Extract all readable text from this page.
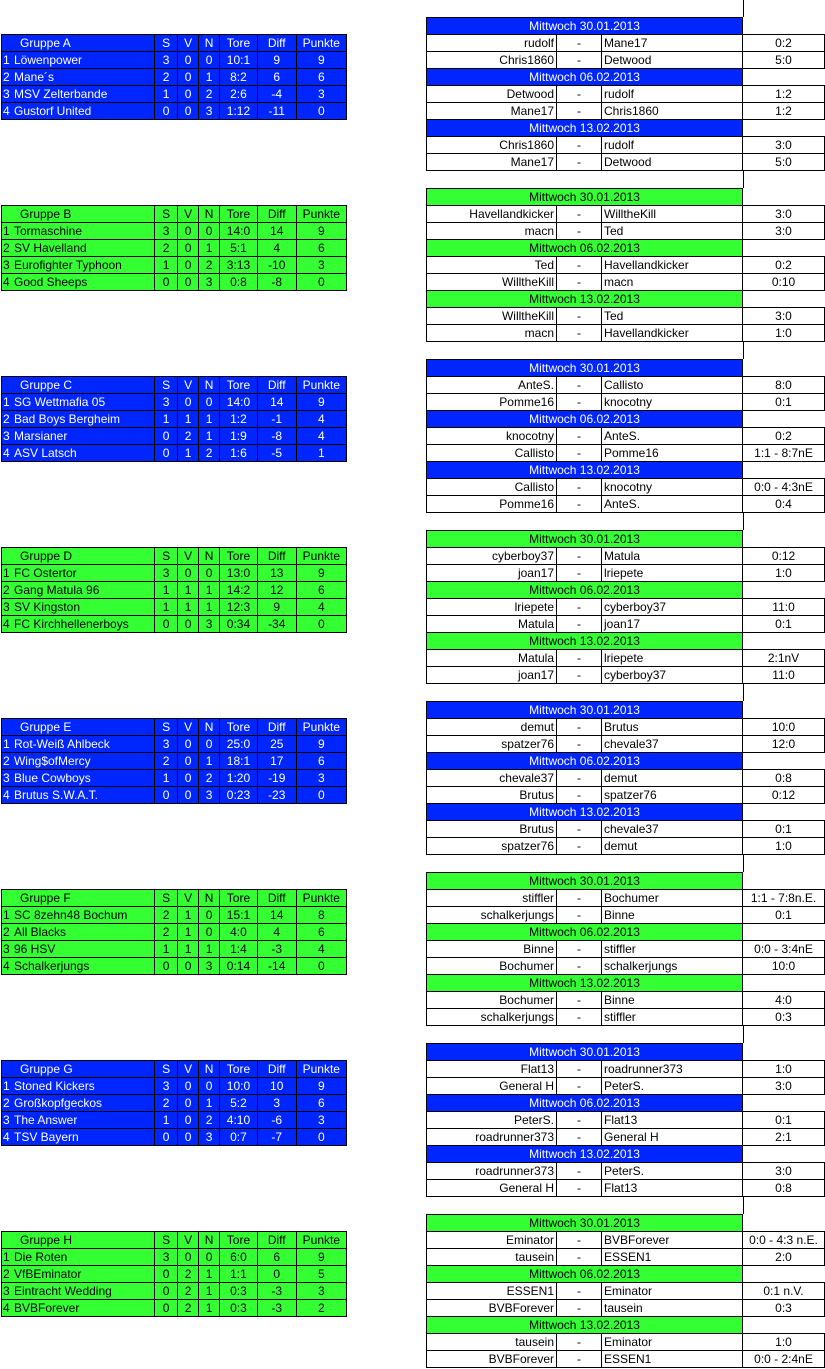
Gruppe A		S	V	N	Tore	Diff	Punkte
1	Löwenpower	3	0	0	10:1	9	9
2	Mane´s	2	0	1	8:2	6	6
3	MSV Zelterbande	1	0	2	2:6	-4	3
4	Gustorf United	0	0	3	1:12	-11	0
Mittwoch 30.01.2013			
rudolf	-	Mane17	0:2
Chris1860	-	Detwood	5:0
Mittwoch 06.02.2013			
Detwood	-	rudolf	1:2
Mane17	-	Chris1860	1:2
Mittwoch 13.02.2013			
Chris1860	-	rudolf	3:0
Mane17	-	Detwood	5:0
Gruppe B		S	V	N	Tore	Diff	Punkte
1	Tormaschine	3	0	0	14:0	14	9
2	SV Havelland	2	0	1	5:1	4	6
3	Eurofighter Typhoon	1	0	2	3:13	-10	3
4	Good Sheeps	0	0	3	0:8	-8	0
Mittwoch 30.01.2013			
Havellandkicker	-	WilltheKill	3:0
macn	-	Ted	3:0
Mittwoch 06.02.2013			
Ted	-	Havellandkicker	0:2
WilltheKill	-	macn	0:10
Mittwoch 13.02.2013			
WilltheKill	-	Ted	3:0
macn	-	Havellandkicker	1:0
Gruppe C		S	V	N	Tore	Diff	Punkte
1	SG Wettmafia 05	3	0	0	14:0	14	9
2	Bad Boys Bergheim	1	1	1	1:2	-1	4
3	Marsianer	0	2	1	1:9	-8	4
4	ASV Latsch	0	1	2	1:6	-5	1
Mittwoch 30.01.2013			
AnteS.	-	Callisto	8:0
Pomme16	-	knocotny	0:1
Mittwoch 06.02.2013			
knocotny	-	AnteS.	0:2
Callisto	-	Pomme16	1:1 - 8:7nE
Mittwoch 13.02.2013			
Callisto	-	knocotny	0:0 - 4:3nE
Pomme16	-	AnteS.	0:4
Gruppe D		S	V	N	Tore	Diff	Punkte
1	FC Ostertor	3	0	0	13:0	13	9
2	Gang Matula 96	1	1	1	14:2	12	6
3	SV Kingston	1	1	1	12:3	9	4
4	FC Kirchhellenerboys	0	0	3	0:34	-34	0
Mittwoch 30.01.2013			
cyberboy37	-	Matula	0:12
joan17	-	lriepete	1:0
Mittwoch 06.02.2013			
lriepete	-	cyberboy37	11:0
Matula	-	joan17	0:1
Mittwoch 13.02.2013			
Matula	-	lriepete	2:1nV
joan17	-	cyberboy37	11:0
Gruppe E		S	V	N	Tore	Diff	Punkte
1	Rot-Weiß Ahlbeck	3	0	0	25:0	25	9
2	Wing$ofMercy	2	0	1	18:1	17	6
3	Blue Cowboys	1	0	2	1:20	-19	3
4	Brutus S.W.A.T.	0	0	3	0:23	-23	0
Mittwoch 30.01.2013			
demut	-	Brutus	10:0
spatzer76	-	chevale37	12:0
Mittwoch 06.02.2013			
chevale37	-	demut	0:8
Brutus	-	spatzer76	0:12
Mittwoch 13.02.2013			
Brutus	-	chevale37	0:1
spatzer76	-	demut	1:0
Gruppe F		S	V	N	Tore	Diff	Punkte
1	SC 8zehn48 Bochum	2	1	0	15:1	14	8
2	All Blacks	2	1	0	4:0	4	6
3	96 HSV	1	1	1	1:4	-3	4
4	Schalkerjungs	0	0	3	0:14	-14	0
Mittwoch 30.01.2013			
stiffler	-	Bochumer	1:1 - 7:8n.E.
schalkerjungs	-	Binne	0:1
Mittwoch 06.02.2013			
Binne	-	stiffler	0:0 - 3:4nE
Bochumer	-	schalkerjungs	10:0
Mittwoch 13.02.2013			
Bochumer	-	Binne	4:0
schalkerjungs	-	stiffler	0:3
Gruppe G		S	V	N	Tore	Diff	Punkte
1	Stoned Kickers	3	0	0	10:0	10	9
2	Großkopfgeckos	2	0	1	5:2	3	6
3	The Answer	1	0	2	4:10	-6	3
4	TSV Bayern	0	0	3	0:7	-7	0
Mittwoch 30.01.2013			
Flat13	-	roadrunner373	1:0
General H	-	PeterS.	3:0
Mittwoch 06.02.2013			
PeterS.	-	Flat13	0:1
roadrunner373	-	General H	2:1
Mittwoch 13.02.2013			
roadrunner373	-	PeterS.	3:0
General H	-	Flat13	0:8
Gruppe H		S	V	N	Tore	Diff	Punkte
1	Die Roten	3	0	0	6:0	6	9
2	VfBEminator	0	2	1	1:1	0	5
3	Eintracht Wedding	0	2	1	0:3	-3	3
4	BVBForever	0	2	1	0:3	-3	2
Mittwoch 30.01.2013			
Eminator	-	BVBForever	0:0 - 4:3 n.E.
tausein	-	ESSEN1	2:0
Mittwoch 06.02.2013			
ESSEN1	-	Eminator	0:1 n.V.
BVBForever	-	tausein	0:3
Mittwoch 13.02.2013			
tausein	-	Eminator	1:0
BVBForever	-	ESSEN1	0:0 - 2:4nE
